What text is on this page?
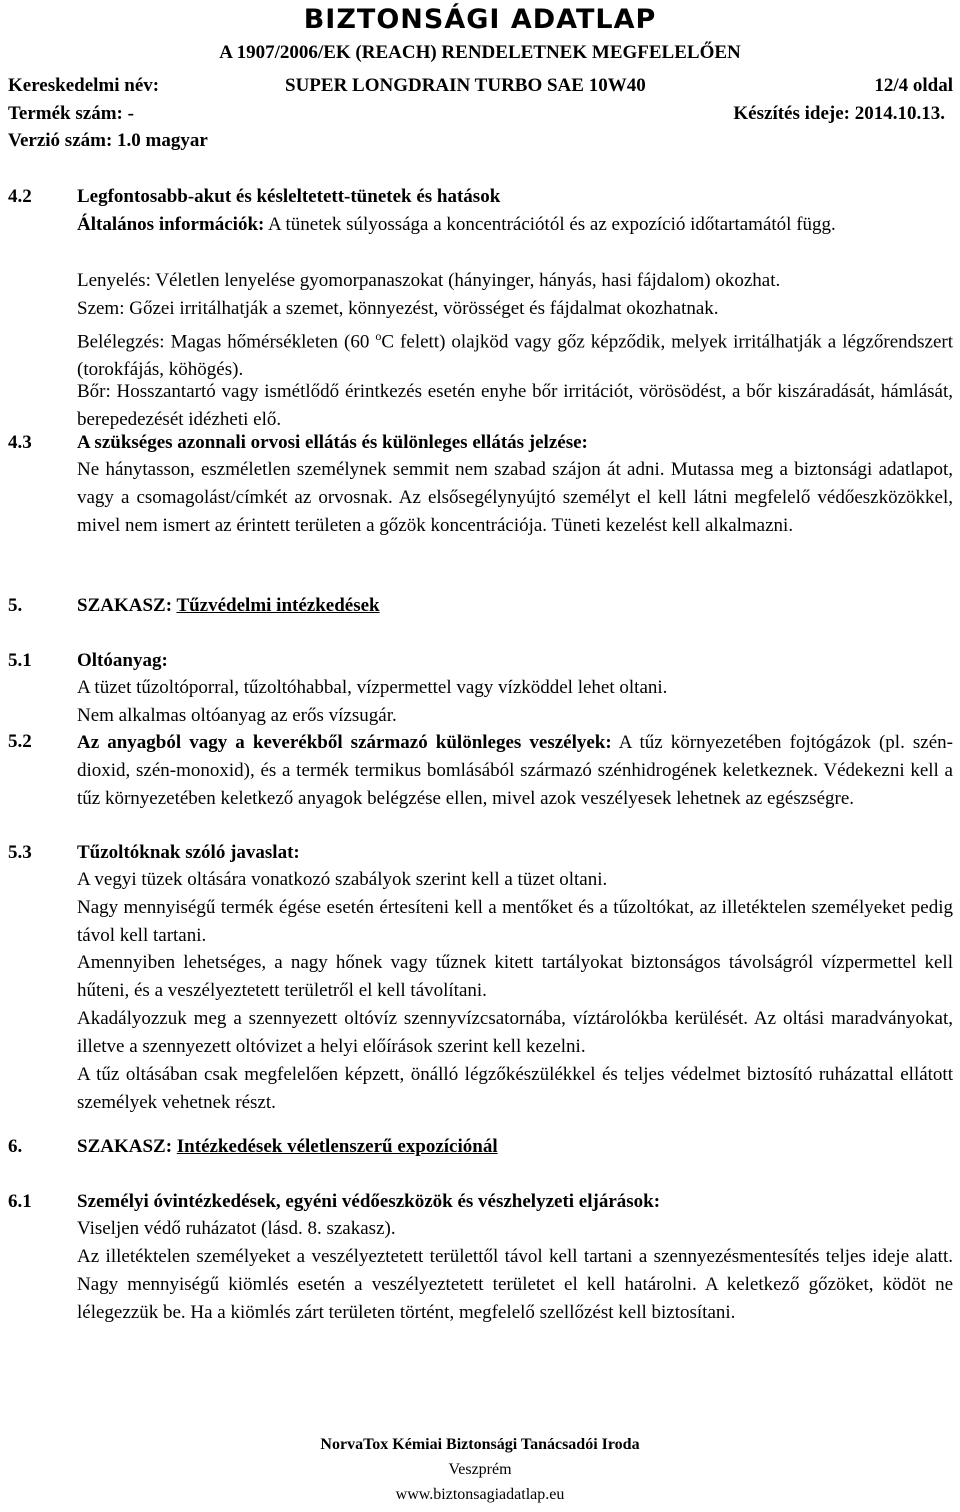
BIZTONSÁGI ADATLAP
A 1907/2006/EK (REACH) RENDELETNEK MEGFELELŐEN
Kereskedelmi név:	SUPER LONGDRAIN TURBO SAE 10W40	12/4 oldal
Termék szám: -	Készítés ideje: 2014.10.13.
Verzió szám: 1.0 magyar
4.2 Legfontosabb-akut és késleltetett-tünetek és hatások
Általános információk: A tünetek súlyossága a koncentrációtól és az expozíció időtartamától függ.
Lenyelés: Véletlen lenyelése gyomorpanaszokat (hányinger, hányás, hasi fájdalom) okozhat.
Szem: Gőzei irritálhatják a szemet, könnyezést, vörösséget és fájdalmat okozhatnak.
Belélegzés: Magas hőmérsékleten (60 $^o$C felett) olajköd vagy gőz képződik, melyek irritálhatják a légzőrendszert (torokfájás, köhögés).
Bőr: Hosszantartó vagy ismétlődő érintkezés esetén enyhe bőr irritációt, vörösödést, a bőr kiszáradását, hámlását, berepedezését idézheti elő.
4.3 A szükséges azonnali orvosi ellátás és különleges ellátás jelzése:
Ne hánytasson, eszméletlen személynek semmit nem szabad szájon át adni. Mutassa meg a biztonsági adatlapot, vagy a csomagolást/címkét az orvosnak. Az elsősegélynyújtó személyt el kell látni megfelelő védőeszközökkel, mivel nem ismert az érintett területen a gőzök koncentrációja. Tüneti kezelést kell alkalmazni.
5.	SZAKASZ: Tűzvédelmi intézkedések
5.1 Oltóanyag:
A tüzet tűzoltóporral, tűzoltóhabbal, vízpermettel vagy vízköddel lehet oltani.
Nem alkalmas oltóanyag az erős vízsugár.
5.2 Az anyagból vagy a keverékből származó különleges veszélyek: A tűz környezetében fojtógázok (pl. szén-dioxid, szén-monoxid), és a termék termikus bomlásából származó szénhidrogének keletkeznek. Védekezni kell a tűz környezetében keletkező anyagok belégzése ellen, mivel azok veszélyesek lehetnek az egészségre.
5.3 Tűzoltóknak szóló javaslat:
A vegyi tüzek oltására vonatkozó szabályok szerint kell a tüzet oltani.
Nagy mennyiségű termék égése esetén értesíteni kell a mentőket és a tűzoltókat, az illetéktelen személyeket pedig távol kell tartani.
Amennyiben lehetséges, a nagy hőnek vagy tűznek kitett tartályokat biztonságos távolságról vízpermettel kell hűteni, és a veszélyeztetett területről el kell távolítani.
Akadályozzuk meg a szennyezett oltóvíz szennyvízcsatornába, víztárolókba kerülését. Az oltási maradványokat, illetve a szennyezett oltóvizet a helyi előírások szerint kell kezelni.
A tűz oltásában csak megfelelően képzett, önálló légzőkészülékkel és teljes védelmet biztosító ruházattal ellátott személyek vehetnek részt.
6.	SZAKASZ: Intézkedések véletlenszerű expozíciónál
6.1 Személyi óvintézkedések, egyéni védőeszközök és vészhelyzeti eljárások:
Viseljen védő ruházatot (lásd. 8. szakasz).
Az illetéktelen személyeket a veszélyeztetett területtől távol kell tartani a szennyezésmentesítés teljes ideje alatt. Nagy mennyiségű kiömlés esetén a veszélyeztetett területet el kell határolni. A keletkező gőzöket, ködöt ne lélegezzük be. Ha a kiömlés zárt területen történt, megfelelő szellőzést kell biztosítani.
NorvaTox Kémiai Biztonsági Tanácsadói Iroda
Veszprém
www.biztonsagiadatlap.eu
